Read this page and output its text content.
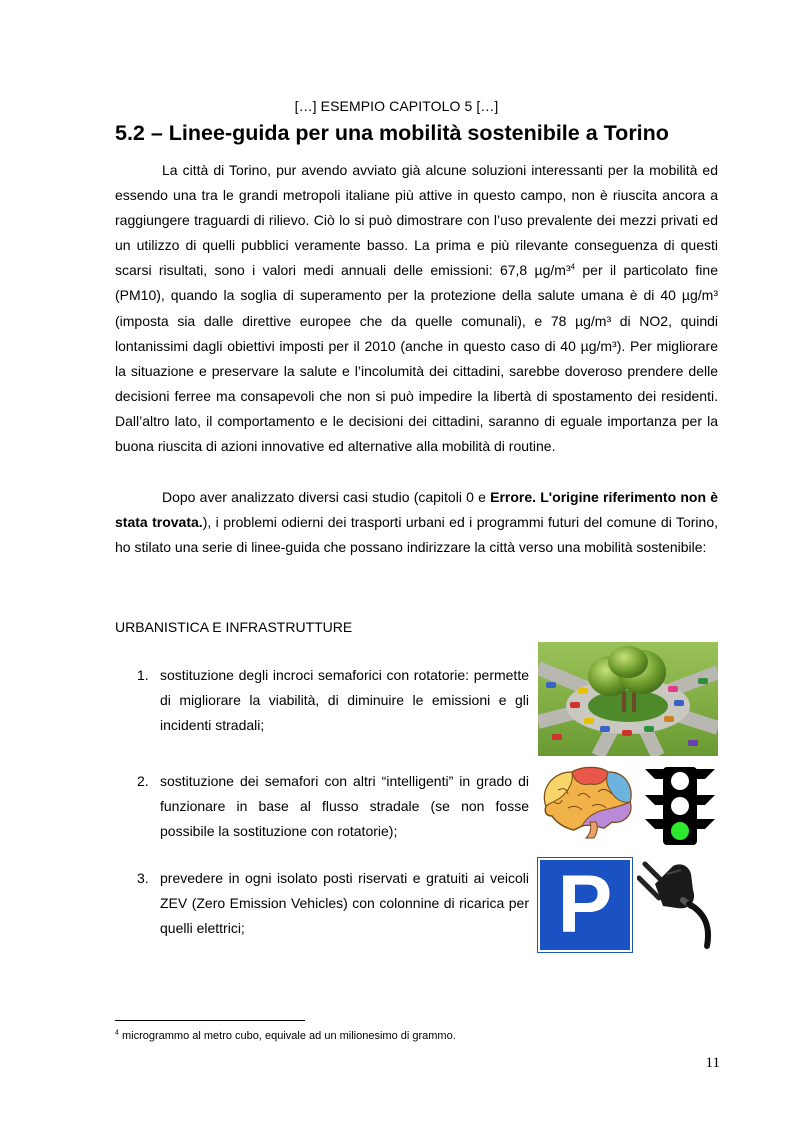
[…] ESEMPIO CAPITOLO 5 […]
5.2 – Linee-guida per una mobilità sostenibile a Torino

La città di Torino, pur avendo avviato già alcune soluzioni interessanti per la mobilità ed essendo una tra le grandi metropoli italiane più attive in questo campo, non è riuscita ancora a raggiungere traguardi di rilievo. Ciò lo si può dimostrare con l’uso prevalente dei mezzi privati ed un utilizzo di quelli pubblici veramente basso. La prima e più rilevante conseguenza di questi scarsi risultati, sono i valori medi annuali delle emissioni: 67,8 µg/m³$^4$ per il particolato fine (PM10), quando la soglia di superamento per la protezione della salute umana è di 40 µg/m³ (imposta sia dalle direttive europee che da quelle comunali), e 78 µg/m³ di NO2, quindi lontanissimi dagli obiettivi imposti per il 2010 (anche in questo caso di 40 µg/m³). Per migliorare la situazione e preservare la salute e l’incolumità dei cittadini, sarebbe doveroso prendere delle decisioni ferree ma consapevoli che non si può impedire la libertà di spostamento dei residenti. Dall’altro lato, il comportamento e le decisioni dei cittadini, saranno di eguale importanza per la buona riuscita di azioni innovative ed alternative alla mobilità di routine.

Dopo aver analizzato diversi casi studio (capitoli 0 e Errore. L'origine riferimento non è stata trovata.), i problemi odierni dei trasporti urbani ed i programmi futuri del comune di Torino, ho stilato una serie di linee-guida che possano indirizzare la città verso una mobilità sostenibile:

URBANISTICA E INFRASTRUTTURE
1. sostituzione degli incroci semaforici con rotatorie: permette di migliorare la viabilità, di diminuire le emissioni e gli incidenti stradali;
2. sostituzione dei semafori con altri “intelligenti” in grado di funzionare in base al flusso stradale (se non fosse possibile la sostituzione con rotatorie);
3. prevedere in ogni isolato posti riservati e gratuiti ai veicoli ZEV (Zero Emission Vehicles) con colonnine di ricarica per quelli elettrici;	P
$^4$ microgrammo al metro cubo, equivale ad un milionesimo di grammo.
11
